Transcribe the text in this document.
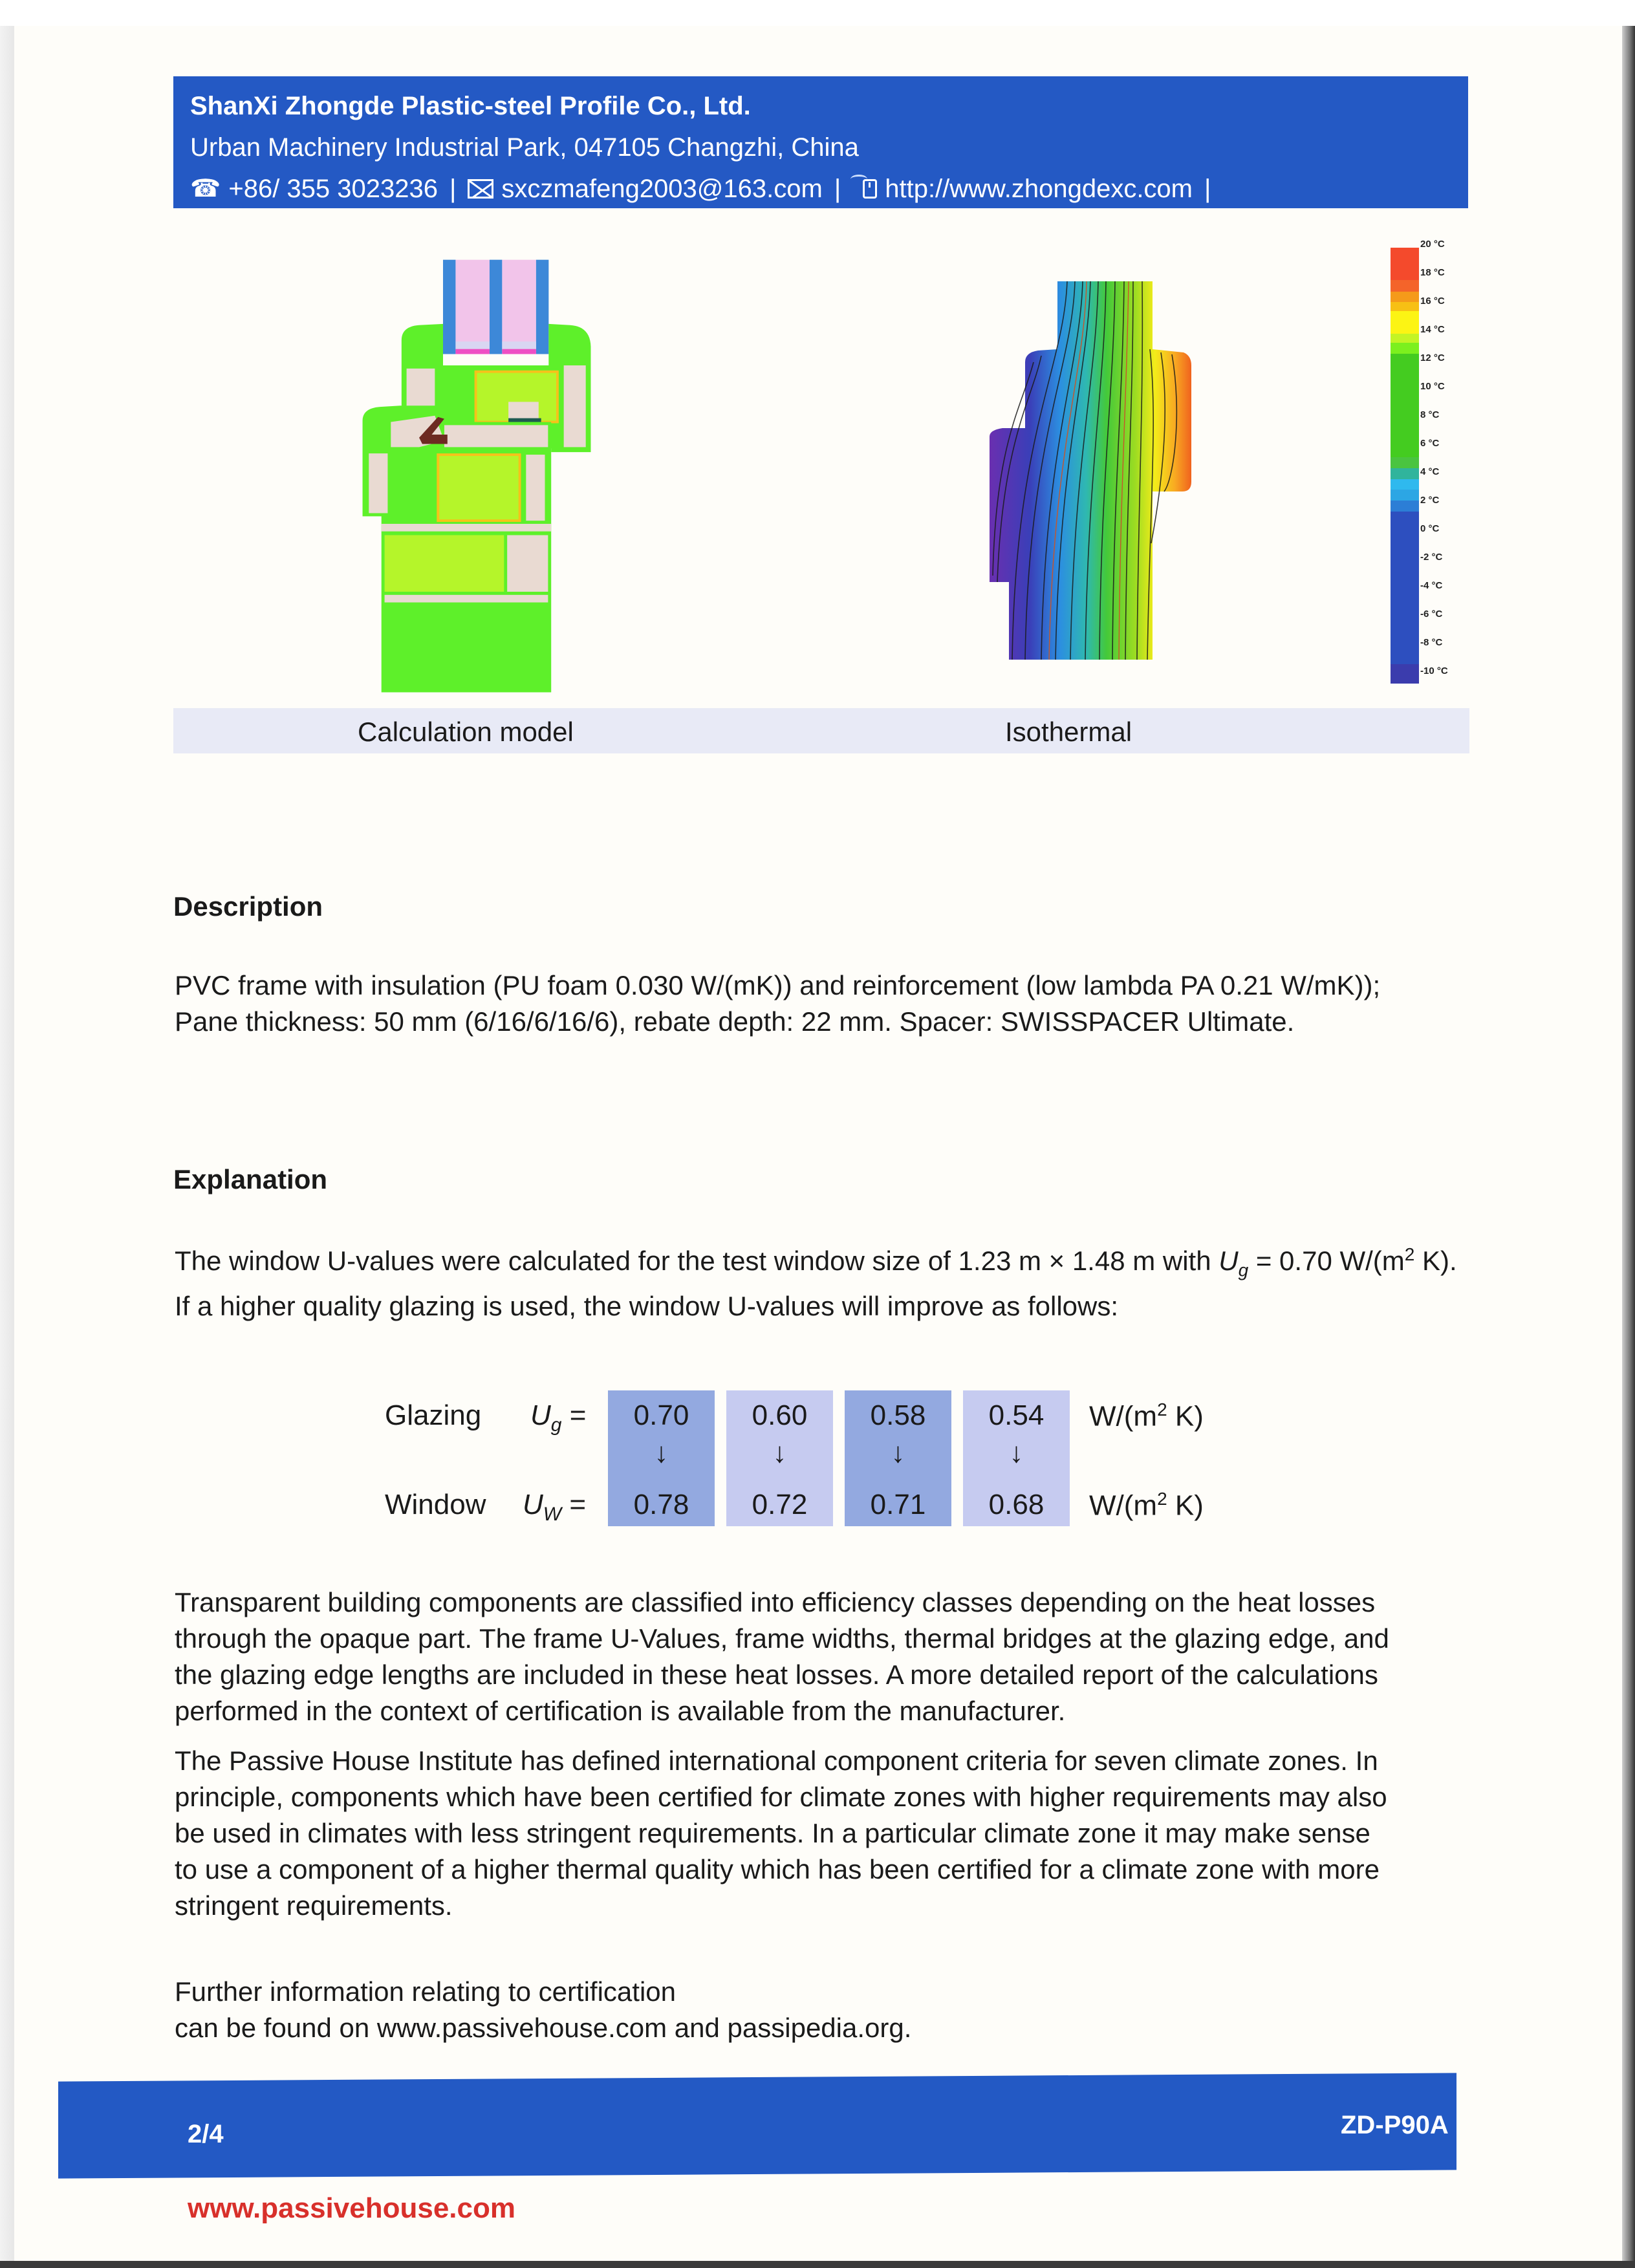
ShanXi Zhongde Plastic-steel Profile Co., Ltd.
Urban Machinery Industrial Park, 047105 Changzhi, China
☎ +86/ 355 3023236 | sxczmafeng2003@163.com | http://www.zhongdexc.com |
20 °C
18 °C
16 °C
14 °C
12 °C
10 °C
8 °C
6 °C
4 °C
2 °C
0 °C
-2 °C
-4 °C
-6 °C
-8 °C
-10 °C
Calculation model	Isothermal
Description
PVC frame with insulation (PU foam 0.030 W/(mK)) and reinforcement (low lambda PA 0.21 W/mK));
Pane thickness: 50 mm (6/16/6/16/6), rebate depth: 22 mm. Spacer: SWISSPACER Ultimate.
Explanation
The window U-values were calculated for the test window size of 1.23 m × 1.48 m with $U_g = 0.70$ $W/(m^2$ K).
If a higher quality glazing is used, the window U-values will improve as follows:
Glazing $U_g$ =
Window $U_W$ =
0.70
↓
0.78
0.60
↓
0.72
0.58
↓
0.71
0.54
↓
0.68
$W/(m^2$ K)
$W/(m^2$ K)
Transparent building components are classified into efficiency classes depending on the heat losses
through the opaque part. The frame U-Values, frame widths, thermal bridges at the glazing edge, and
the glazing edge lengths are included in these heat losses. A more detailed report of the calculations
performed in the context of certification is available from the manufacturer.
The Passive House Institute has defined international component criteria for seven climate zones. In
principle, components which have been certified for climate zones with higher requirements may also
be used in climates with less stringent requirements. In a particular climate zone it may make sense
to use a component of a higher thermal quality which has been certified for a climate zone with more
stringent requirements.
Further information relating to certification
can be found on www.passivehouse.com and passipedia.org.
2/4	ZD-P90A
www.passivehouse.com
